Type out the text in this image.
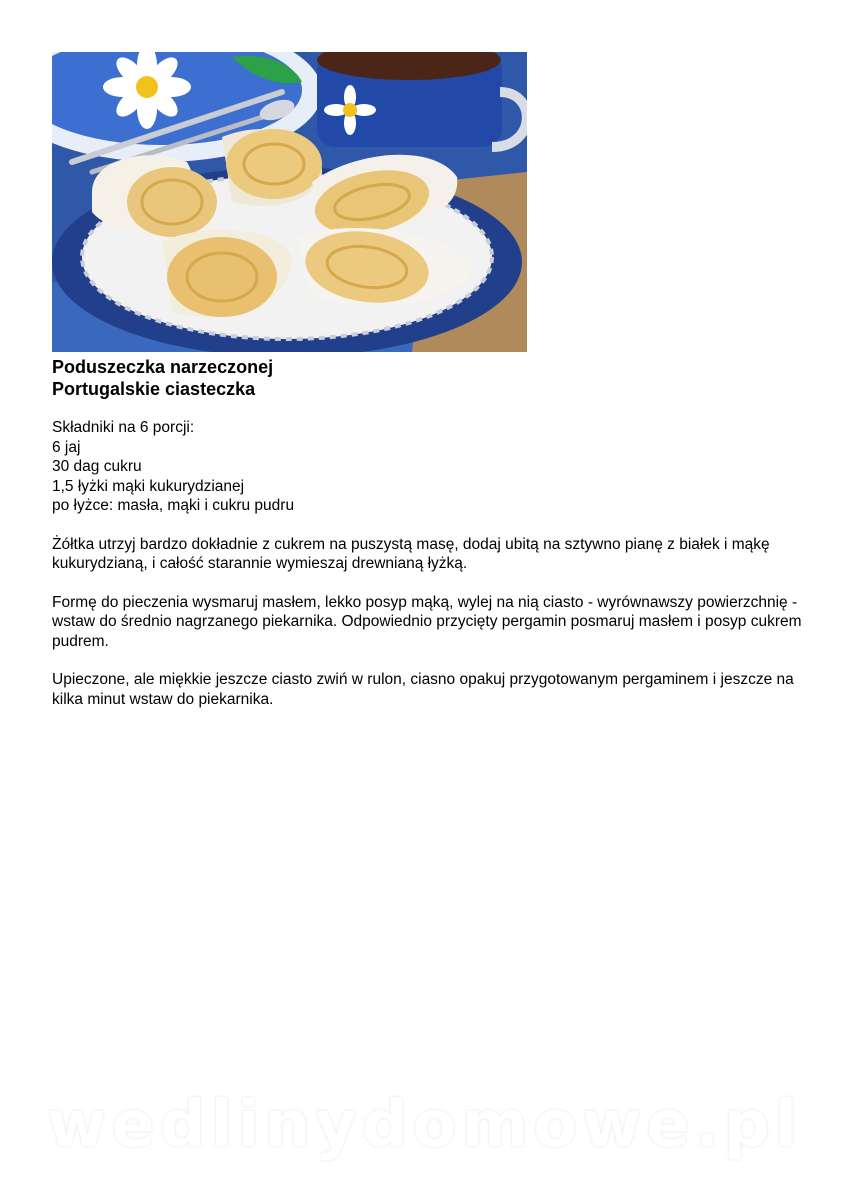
Poduszeczka narzeczonej
Portugalskie ciasteczka

Składniki na 6 porcji:
6 jaj
30 dag cukru
1,5 łyżki mąki kukurydzianej
po łyżce: masła, mąki i cukru pudru

Żółtka utrzyj bardzo dokładnie z cukrem na puszystą masę, dodaj ubitą na sztywno pianę z białek i mąkę kukurydzianą, i całość starannie wymieszaj drewnianą łyżką.

Formę do pieczenia wysmaruj masłem, lekko posyp mąką, wylej na nią ciasto - wyrównawszy powierzchnię - wstaw do średnio nagrzanego piekarnika. Odpowiednio przycięty pergamin posmaruj masłem i posyp cukrem pudrem.

Upieczone, ale miękkie jeszcze ciasto zwiń w rulon, ciasno opakuj przygotowanym pergaminem i jeszcze na kilka minut wstaw do piekarnika.

wedlinydomowe.pl
